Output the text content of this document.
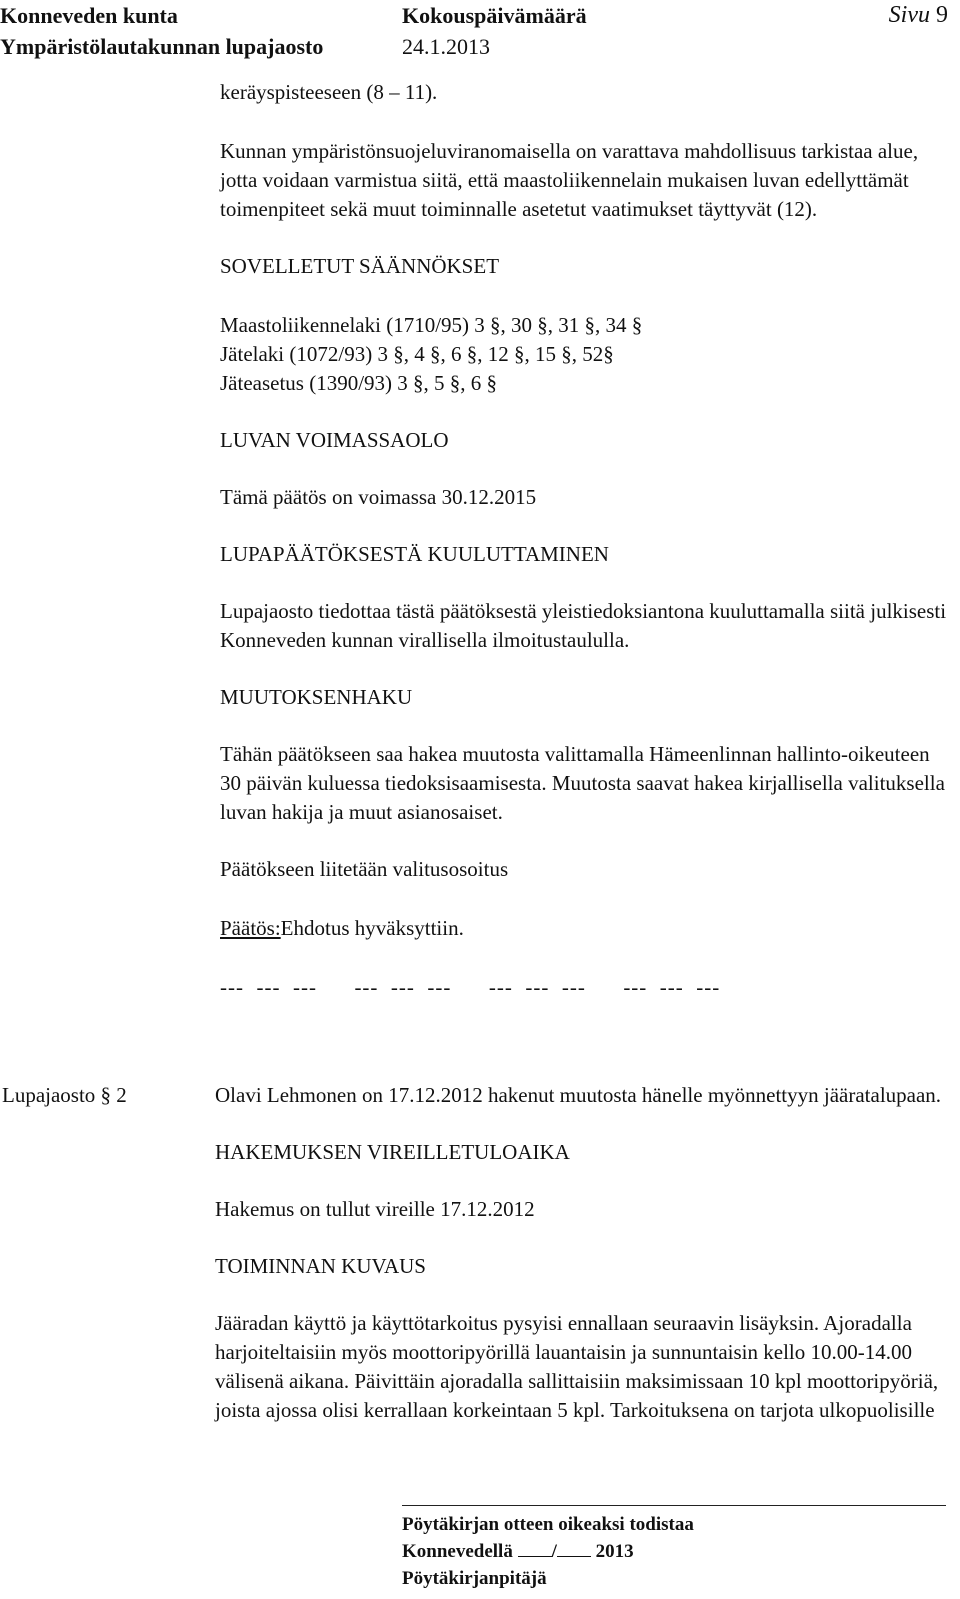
Konneveden kunta
Ympäristölautakunnan lupajaosto
Kokouspäivämäärä
24.1.2013
Sivu 9

keräyspisteeseen (8 – 11).

Kunnan ympäristönsuojeluviranomaisella on varattava mahdollisuus tarkistaa alue, jotta voidaan varmistua siitä, että maastoliikennelain mukaisen luvan edellyttämät toimenpiteet sekä muut toiminnalle asetetut vaatimukset täyttyvät (12).

SOVELLETUT SÄÄNNÖKSET

Maastoliikennelaki (1710/95) 3 §, 30 §, 31 §, 34 §

Jätelaki (1072/93) 3 §, 4 §, 6 §, 12 §, 15 §, 52§

Jäteasetus (1390/93) 3 §, 5 §, 6 §

LUVAN VOIMASSAOLO

Tämä päätös on voimassa 30.12.2015

LUPAPÄÄTÖKSESTÄ KUULUTTAMINEN

Lupajaosto tiedottaa tästä päätöksestä yleistiedoksiantona kuuluttamalla siitä julkisesti Konneveden kunnan virallisella ilmoitustaululla.

MUUTOKSENHAKU

Tähän päätökseen saa hakea muutosta valittamalla Hämeenlinnan hallinto-oikeuteen 30 päivän kuluessa tiedoksisaamisesta. Muutosta saavat hakea kirjallisella valituksella luvan hakija ja muut asianosaiset.

Päätökseen liitetään valitusosoitus

Päätös:Ehdotus hyväksyttiin.

---  ---  ---      ---  ---  ---      ---  ---  ---      ---  ---  ---

Lupajaosto § 2	Olavi Lehmonen on 17.12.2012 hakenut muutosta hänelle myönnettyyn jääratalupaan.

HAKEMUKSEN VIREILLETULOAIKA

Hakemus on tullut vireille 17.12.2012

TOIMINNAN KUVAUS

Jääradan käyttö ja käyttötarkoitus pysyisi ennallaan seuraavin lisäyksin. Ajoradalla harjoiteltaisiin myös moottoripyörillä lauantaisin ja sunnuntaisin kello 10.00-14.00 välisenä aikana. Päivittäin ajoradalla sallittaisiin maksimissaan 10 kpl moottoripyöriä, joista ajossa olisi kerrallaan korkeintaan 5 kpl. Tarkoituksena on tarjota ulkopuolisille

Pöytäkirjan otteen oikeaksi todistaa
Konnevedellä / 2013
Pöytäkirjanpitäjä
